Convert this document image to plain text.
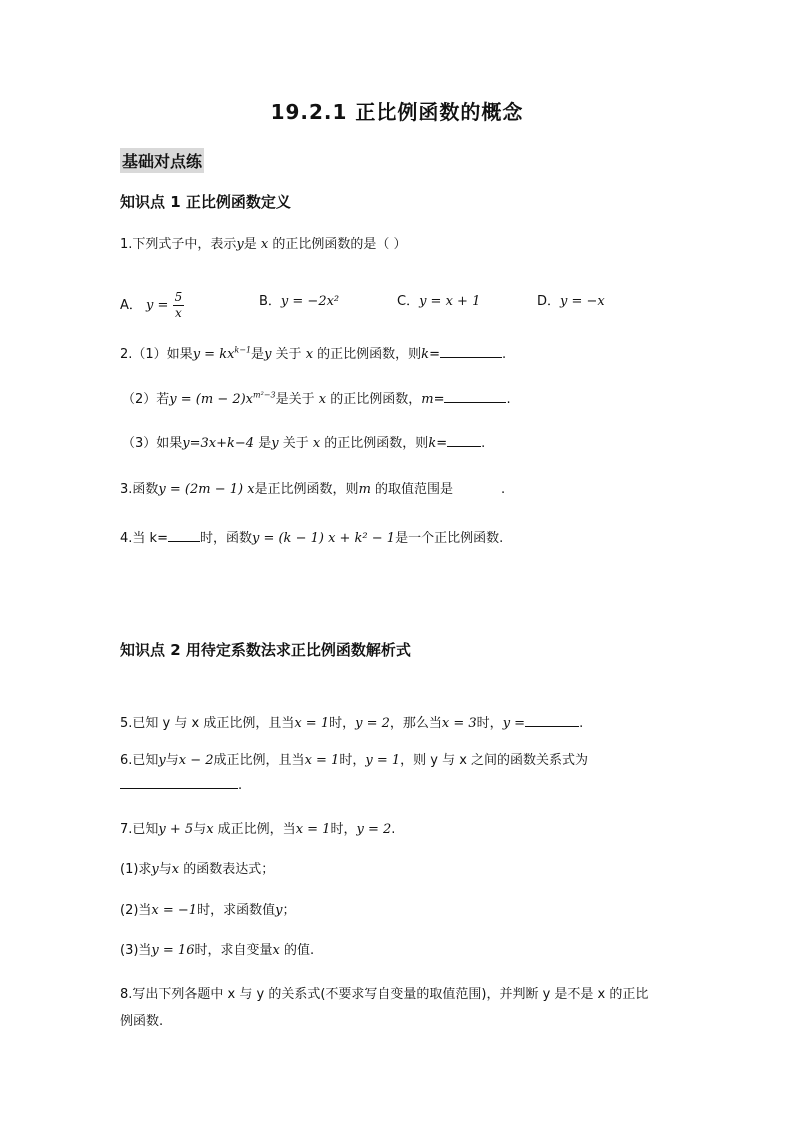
19.2.1 正比例函数的概念
基础对点练
知识点 1 正比例函数定义
1.下列式子中，表示y是 x 的正比例函数的是（ ）
A． $y = \frac{5}{x}$	B．y = −2x²	C．y = x + 1	D．y = −x
2.（1）如果$y = kx^{k-1}$是y 关于 x 的正比例函数，则k=	.
（2）若$y = (m - 2)x^{m^2-3}$是关于 x 的正比例函数，m=	.
（3）如果y=3x+k−4 是y 关于 x 的正比例函数，则k=	.
3.函数y = (2m − 1) x是正比例函数，则m 的取值范围是	.
4.当 k= 时，函数y = (k − 1) x + k² − 1是一个正比例函数.
知识点 2 用待定系数法求正比例函数解析式
5.已知 y 与 x 成正比例，且当x = 1时，y = 2，那么当x = 3时，y =	.
6.已知y与x − 2成正比例，且当x = 1时，y = 1，则 y 与 x 之间的函数关系式为
.
7.已知y + 5与x 成正比例，当x = 1时，y = 2.
(1)求y与x 的函数表达式；
(2)当x = −1时，求函数值y；
(3)当y = 16时，求自变量x 的值.
8.写出下列各题中 x 与 y 的关系式(不要求写自变量的取值范围)，并判断 y 是不是 x 的正比
例函数.
